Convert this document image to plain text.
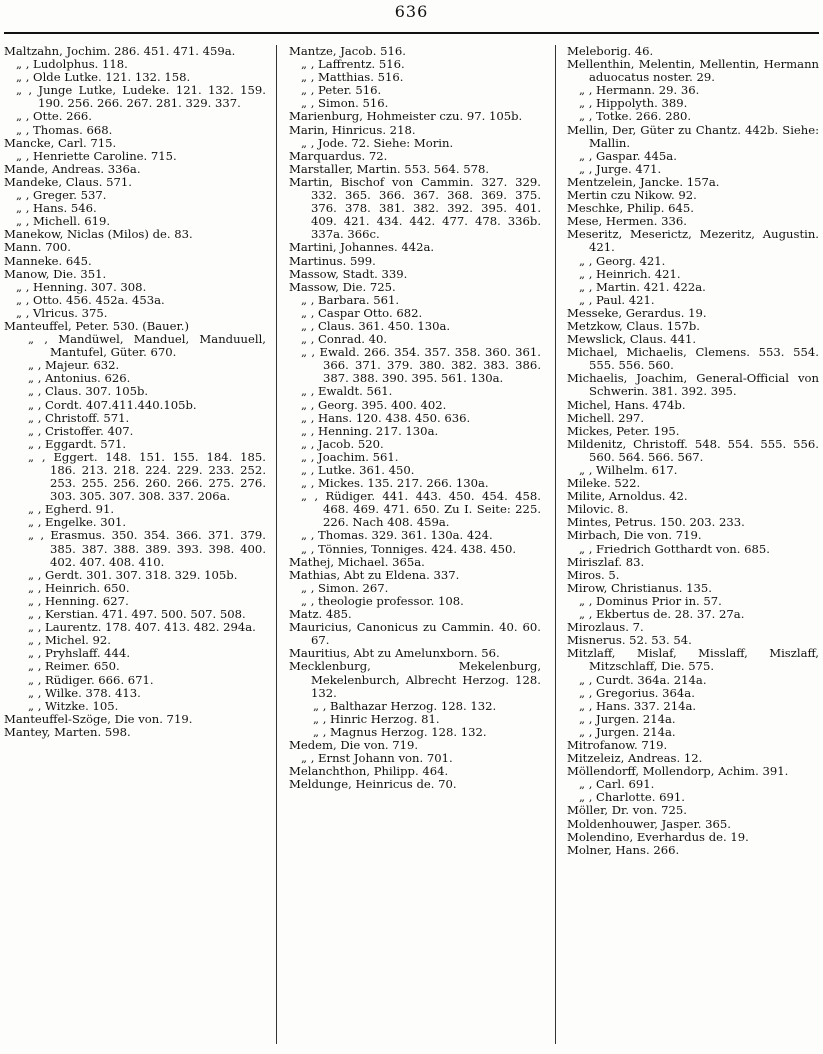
636
Maltzahn, Jochim. 286. 451. 471. 459a.
„ , Ludolphus. 118.
„ , Olde Lutke. 121. 132. 158.
„ , Junge Lutke, Ludeke. 121. 132. 159. 190. 256. 266. 267. 281. 329. 337.
„ , Otte. 266.
„ , Thomas. 668.
Mancke, Carl. 715.
„ , Henriette Caroline. 715.
Mande, Andreas. 336a.
Mandeke, Claus. 571.
„ , Greger. 537.
„ , Hans. 546.
„ , Michell. 619.
Manekow, Niclas (Milos) de. 83.
Mann. 700.
Manneke. 645.
Manow, Die. 351.
„ , Henning. 307. 308.
„ , Otto. 456. 452a. 453a.
„ , Vlricus. 375.
Manteuffel, Peter. 530. (Bauer.)
„ , Mandüwel, Manduel, Manduuell, Mantufel, Güter. 670.
„ , Majeur. 632.
„ , Antonius. 626.
„ , Claus. 307. 105b.
„ , Cordt. 407.411.440.105b.
„ , Christoff. 571.
„ , Cristoffer. 407.
„ , Eggardt. 571.
„ , Eggert. 148. 151. 155. 184. 185. 186. 213. 218. 224. 229. 233. 252. 253. 255. 256. 260. 266. 275. 276. 303. 305. 307. 308. 337. 206a.
„ , Egherd. 91.
„ , Engelke. 301.
„ , Erasmus. 350. 354. 366. 371. 379. 385. 387. 388. 389. 393. 398. 400. 402. 407. 408. 410.
„ , Gerdt. 301. 307. 318. 329. 105b.
„ , Heinrich. 650.
„ , Henning. 627.
„ , Kerstian. 471. 497. 500. 507. 508.
„ , Laurentz. 178. 407. 413. 482. 294a.
„ , Michel. 92.
„ , Pryhslaff. 444.
„ , Reimer. 650.
„ , Rüdiger. 666. 671.
„ , Wilke. 378. 413.
„ , Witzke. 105.
Manteuffel-Szöge, Die von. 719.
Mantey, Marten. 598.
Mantze, Jacob. 516.
„ , Laffrentz. 516.
„ , Matthias. 516.
„ , Peter. 516.
„ , Simon. 516.
Marienburg, Hohmeister czu. 97. 105b.
Marin, Hinricus. 218.
„ , Jode. 72. Siehe: Morin.
Marquardus. 72.
Marstaller, Martin. 553. 564. 578.
Martin, Bischof von Cammin. 327. 329. 332. 365. 366. 367. 368. 369. 375. 376. 378. 381. 382. 392. 395. 401. 409. 421. 434. 442. 477. 478. 336b. 337a. 366c.
Martini, Johannes. 442a.
Martinus. 599.
Massow, Stadt. 339.
Massow, Die. 725.
„ , Barbara. 561.
„ , Caspar Otto. 682.
„ , Claus. 361. 450. 130a.
„ , Conrad. 40.
„ , Ewald. 266. 354. 357. 358. 360. 361. 366. 371. 379. 380. 382. 383. 386. 387. 388. 390. 395. 561. 130a.
„ , Ewaldt. 561.
„ , Georg. 395. 400. 402.
„ , Hans. 120. 438. 450. 636.
„ , Henning. 217. 130a.
„ , Jacob. 520.
„ , Joachim. 561.
„ , Lutke. 361. 450.
„ , Mickes. 135. 217. 266. 130a.
„ , Rüdiger. 441. 443. 450. 454. 458. 468. 469. 471. 650. Zu I. Seite: 225. 226. Nach 408. 459a.
„ , Thomas. 329. 361. 130a. 424.
„ , Tönnies, Tonniges. 424. 438. 450.
Mathej, Michael. 365a.
Mathias, Abt zu Eldena. 337.
„ , Simon. 267.
„ , theologie professor. 108.
Matz. 485.
Mauricius, Canonicus zu Cammin. 40. 60. 67.
Mauritius, Abt zu Amelunxborn. 56.
Mecklenburg, Mekelenburg, Mekelenburch, Albrecht Herzog. 128. 132.
„ , Balthazar Herzog. 128. 132.
„ , Hinric Herzog. 81.
„ , Magnus Herzog. 128. 132.
Medem, Die von. 719.
„ , Ernst Johann von. 701.
Melanchthon, Philipp. 464.
Meldunge, Heinricus de. 70.
Meleborig. 46.
Mellenthin, Melentin, Mellentin, Hermann aduocatus noster. 29.
„ , Hermann. 29. 36.
„ , Hippolyth. 389.
„ , Totke. 266. 280.
Mellin, Der, Güter zu Chantz. 442b. Siehe: Mallin.
„ , Gaspar. 445a.
„ , Jurge. 471.
Mentzelein, Jancke. 157a.
Mertin czu Nikow. 92.
Meschke, Philip. 645.
Mese, Hermen. 336.
Meseritz, Meserictz, Mezeritz, Augustin. 421.
„ , Georg. 421.
„ , Heinrich. 421.
„ , Martin. 421. 422a.
„ , Paul. 421.
Messeke, Gerardus. 19.
Metzkow, Claus. 157b.
Mewslick, Claus. 441.
Michael, Michaelis, Clemens. 553. 554. 555. 556. 560.
Michaelis, Joachim, General-Official von Schwerin. 381. 392. 395.
Michel, Hans. 474b.
Michell. 297.
Mickes, Peter. 195.
Mildenitz, Christoff. 548. 554. 555. 556. 560. 564. 566. 567.
„ , Wilhelm. 617.
Mileke. 522.
Milite, Arnoldus. 42.
Milovic. 8.
Mintes, Petrus. 150. 203. 233.
Mirbach, Die von. 719.
„ , Friedrich Gotthardt von. 685.
Miriszlaf. 83.
Miros. 5.
Mirow, Christianus. 135.
„ , Dominus Prior in. 57.
„ , Ekbertus de. 28. 37. 27a.
Mirozlaus. 7.
Misnerus. 52. 53. 54.
Mitzlaff, Mislaf, Misslaff, Miszlaff, Mitzschlaff, Die. 575.
„ , Curdt. 364a. 214a.
„ , Gregorius. 364a.
„ , Hans. 337. 214a.
„ , Jurgen. 214a.
„ , Jurgen. 214a.
Mitrofanow. 719.
Mitzeleiz, Andreas. 12.
Möllendorff, Mollendorp, Achim. 391.
„ , Carl. 691.
„ , Charlotte. 691.
Möller, Dr. von. 725.
Moldenhouwer, Jasper. 365.
Molendino, Everhardus de. 19.
Molner, Hans. 266.
